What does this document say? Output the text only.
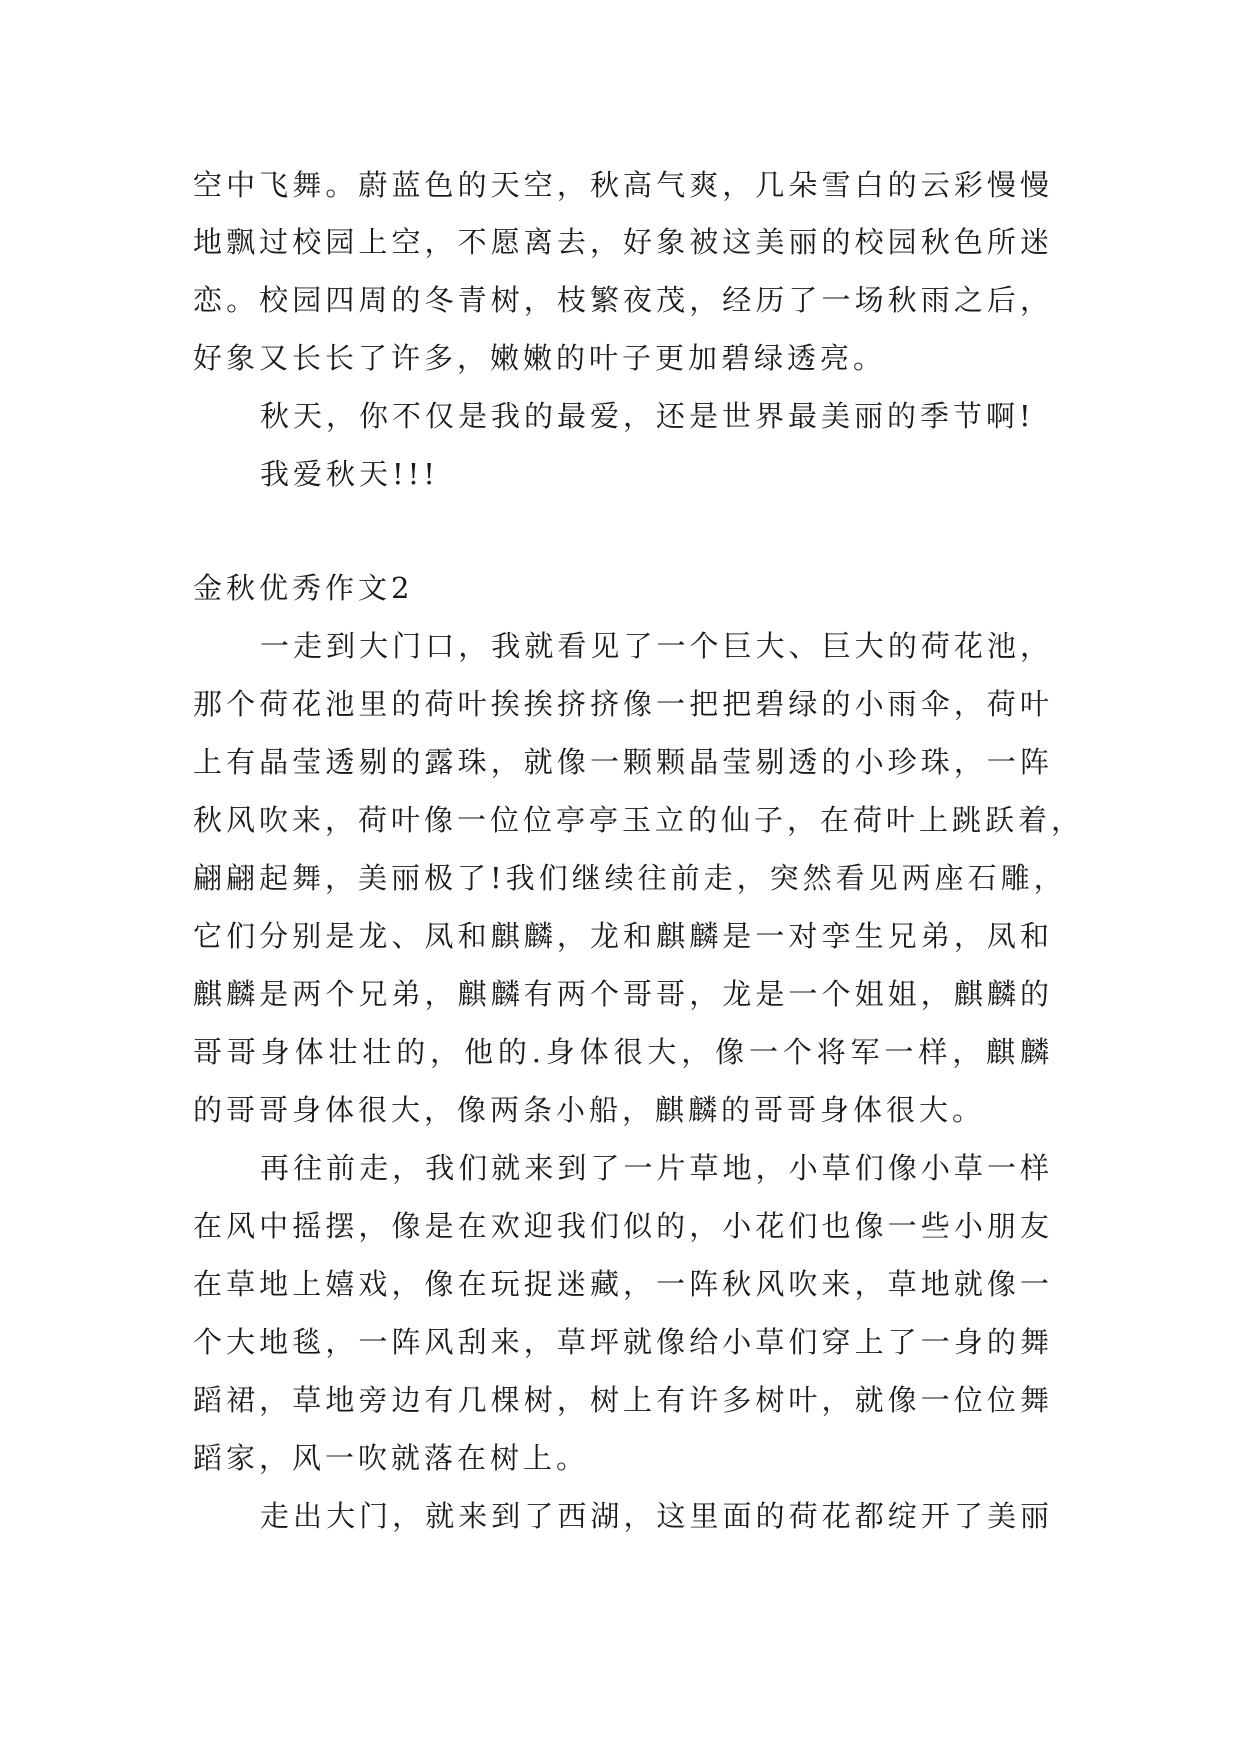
空中飞舞。蔚蓝色的天空，秋高气爽，几朵雪白的云彩慢慢
地飘过校园上空，不愿离去，好象被这美丽的校园秋色所迷
恋。校园四周的冬青树，枝繁夜茂，经历了一场秋雨之后，
好象又长长了许多，嫩嫩的叶子更加碧绿透亮。
秋天，你不仅是我的最爱，还是世界最美丽的季节啊!
我爱秋天!!!
金秋优秀作文2
一走到大门口，我就看见了一个巨大、巨大的荷花池，
那个荷花池里的荷叶挨挨挤挤像一把把碧绿的小雨伞，荷叶
上有晶莹透剔的露珠，就像一颗颗晶莹剔透的小珍珠，一阵
秋风吹来，荷叶像一位位亭亭玉立的仙子，在荷叶上跳跃着，
翩翩起舞，美丽极了!我们继续往前走，突然看见两座石雕，
它们分别是龙、凤和麒麟，龙和麒麟是一对孪生兄弟，凤和
麒麟是两个兄弟，麒麟有两个哥哥，龙是一个姐姐，麒麟的
哥哥身体壮壮的，他的.身体很大，像一个将军一样，麒麟
的哥哥身体很大，像两条小船，麒麟的哥哥身体很大。
再往前走，我们就来到了一片草地，小草们像小草一样
在风中摇摆，像是在欢迎我们似的，小花们也像一些小朋友
在草地上嬉戏，像在玩捉迷藏，一阵秋风吹来，草地就像一
个大地毯，一阵风刮来，草坪就像给小草们穿上了一身的舞
蹈裙，草地旁边有几棵树，树上有许多树叶，就像一位位舞
蹈家，风一吹就落在树上。
走出大门，就来到了西湖，这里面的荷花都绽开了美丽
